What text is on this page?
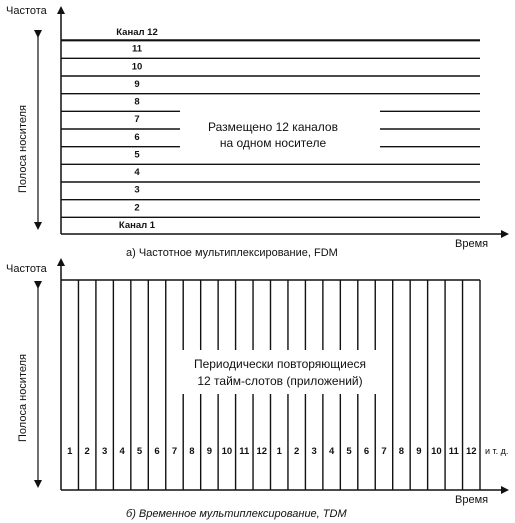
Частота
Время
Полоса носителя
Канал 1
2
3
4
5
6
7
8
9
10
11
Канал 12
Размещено 12 каналов
на одном носителе
а) Частотное мультиплексирование, FDM
Частота
Время
Полоса носителя
1 2 3 4 5 6 7 8 9 10 11 12 1 2 3 4 5 6 7 8 9 10 11 12 и т. д.
Периодически повторяющиеся
12 тайм-слотов (приложений)
б) Временное мультиплексирование, TDM
